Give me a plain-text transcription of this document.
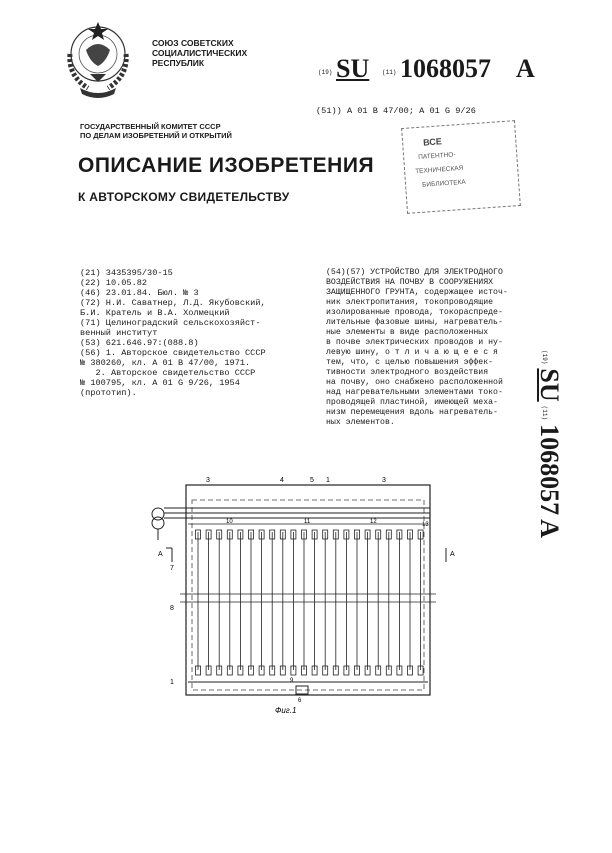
СОЮЗ СОВЕТСКИХ
СОЦИАЛИСТИЧЕСКИХ
РЕСПУБЛИК
(19) SU (11) 1068057 A
(51)) A 01 B 47/00; A 01 G 9/26
ГОСУДАРСТВЕННЫЙ КОМИТЕТ СССР
ПО ДЕЛАМ ИЗОБРЕТЕНИЙ И ОТКРЫТИЙ
ВСЕ
ПАТЕНТНО-
ТЕХНИЧЕСКАЯ
БИБЛИОТЕКА
ОПИСАНИЕ ИЗОБРЕТЕНИЯ
К АВТОРСКОМУ СВИДЕТЕЛЬСТВУ
(21) 3435395/30-15
(22) 10.05.82
(46) 23.01.84. Бюл. № 3
(72) Н.И. Саватнер, Л.Д. Якубовский,
Б.И. Кратель и В.А. Холмецкий
(71) Целиноградский сельскохозяйст-
венный институт
(53) 621.646.97:(088.8)
(56) 1. Авторское свидетельство СССР
№ 380260, кл. А 01 В 47/00, 1971.
2. Авторское свидетельство СССР
№ 100795, кл. А 01 G 9/26, 1954
(прототип).
(54)(57) УСТРОЙСТВО ДЛЯ ЭЛЕКТРОДНОГО
ВОЗДЕЙСТВИЯ НА ПОЧВУ В СООРУЖЕНИЯХ
ЗАЩИЩЕННОГО ГРУНТА, содержащее источ-
ник электропитания, токопроводящие
изолированные провода, токораспреде-
лительные фазовые шины, нагреватель-
ные элементы в виде расположенных
в почве электрических проводов и ну-
левую шину, о т л и ч а ю щ е е с я
тем, что, с целью повышения эффек-
тивности электродного воздействия
на почву, оно снабжено расположенной
над нагревательными элементами токо-
проводящей пластиной, имеющей меха-
низм перемещения вдоль нагреватель-
ных элементов.
(19) SU (11) 1068057 A
3	4	5 1	3
10	11	12	13
7
8
1	9
6
А	А
Фиг.1
